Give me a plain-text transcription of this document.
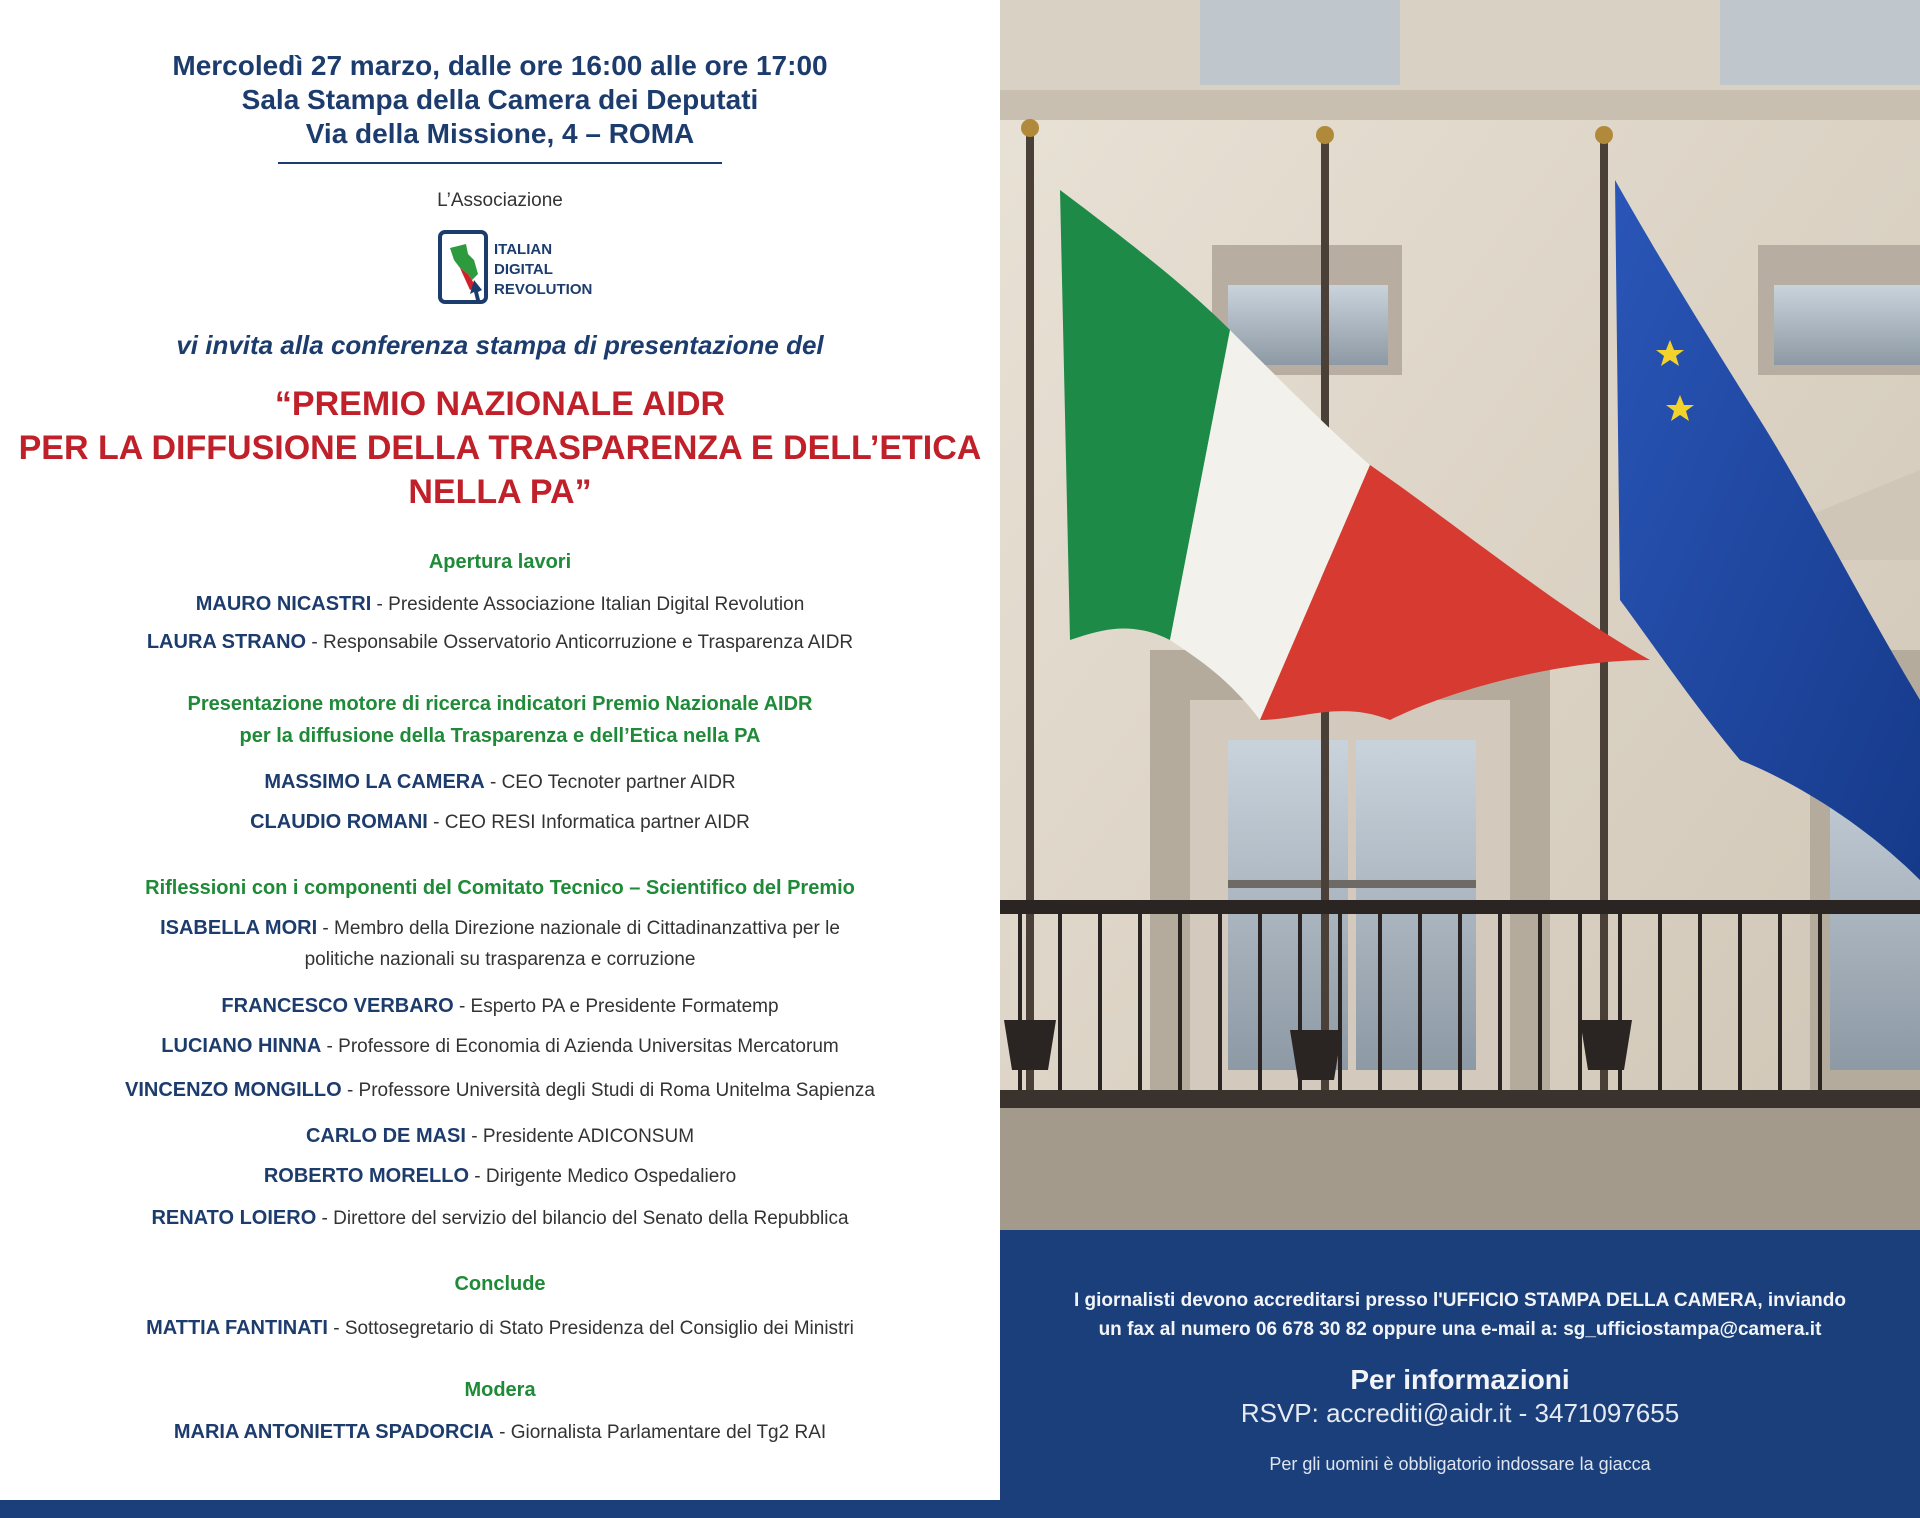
Mercoledì 27 marzo, dalle ore 16:00 alle ore 17:00
Sala Stampa della Camera dei Deputati
Via della Missione, 4 – ROMA
L’Associazione
ITALIAN
DIGITAL
REVOLUTION
vi invita alla conferenza stampa di presentazione del
“PREMIO NAZIONALE AIDR
PER LA DIFFUSIONE DELLA TRASPARENZA E DELL’ETICA
NELLA PA”
Apertura lavori
MAURO NICASTRI - Presidente Associazione Italian Digital Revolution
LAURA STRANO - Responsabile Osservatorio Anticorruzione e Trasparenza AIDR
Presentazione motore di ricerca indicatori Premio Nazionale AIDR
per la diffusione della Trasparenza e dell’Etica nella PA
MASSIMO LA CAMERA - CEO Tecnoter partner AIDR
CLAUDIO ROMANI - CEO RESI Informatica partner AIDR
Riflessioni con i componenti del Comitato Tecnico – Scientifico del Premio
ISABELLA MORI - Membro della Direzione nazionale di Cittadinanzattiva per le
politiche nazionali su trasparenza e corruzione
FRANCESCO VERBARO - Esperto PA e Presidente Formatemp
LUCIANO HINNA - Professore di Economia di Azienda Universitas Mercatorum
VINCENZO MONGILLO - Professore Università degli Studi di Roma Unitelma Sapienza
CARLO DE MASI - Presidente ADICONSUM
ROBERTO MORELLO - Dirigente Medico Ospedaliero
RENATO LOIERO - Direttore del servizio del bilancio del Senato della Repubblica
Conclude
MATTIA FANTINATI - Sottosegretario di Stato Presidenza del Consiglio dei Ministri
Modera
MARIA ANTONIETTA SPADORCIA - Giornalista Parlamentare del Tg2 RAI
I giornalisti devono accreditarsi presso l'UFFICIO STAMPA DELLA CAMERA, inviando
un fax al numero 06 678 30 82 oppure una e-mail a: sg_ufficiostampa@camera.it
Per informazioni
RSVP: accrediti@aidr.it - 3471097655
Per gli uomini è obbligatorio indossare la giacca
